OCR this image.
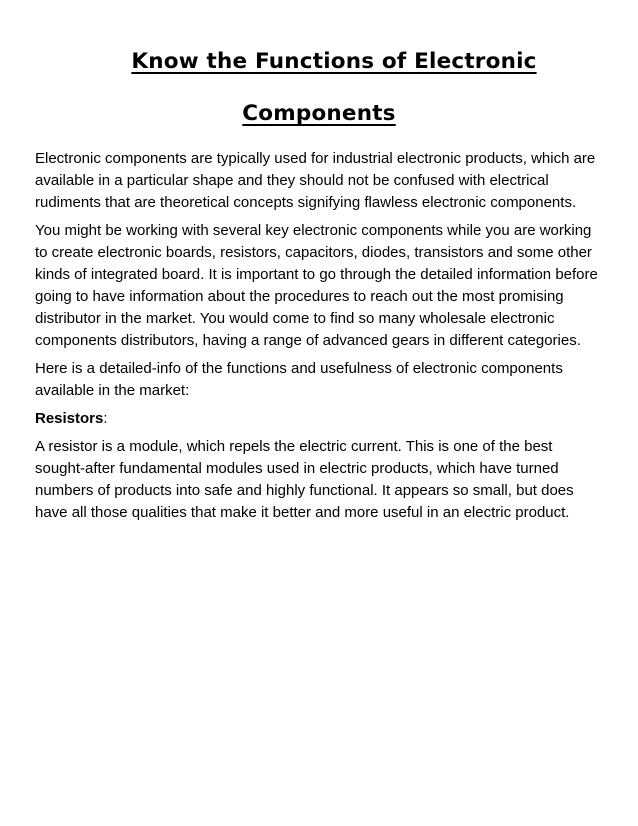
Know the Functions of Electronic
Components

Electronic components are typically used for industrial electronic products, which are available in a particular shape and they should not be confused with electrical rudiments that are theoretical concepts signifying flawless electronic components.

You might be working with several key electronic components while you are working to create electronic boards, resistors, capacitors, diodes, transistors and some other kinds of integrated board. It is important to go through the detailed information before going to have information about the procedures to reach out the most promising distributor in the market. You would come to find so many wholesale electronic components distributors, having a range of advanced gears in different categories.

Here is a detailed-info of the functions and usefulness of electronic components available in the market:

Resistors:

A resistor is a module, which repels the electric current. This is one of the best sought-after fundamental modules used in electric products, which have turned numbers of products into safe and highly functional. It appears so small, but does have all those qualities that make it better and more useful in an electric product.
